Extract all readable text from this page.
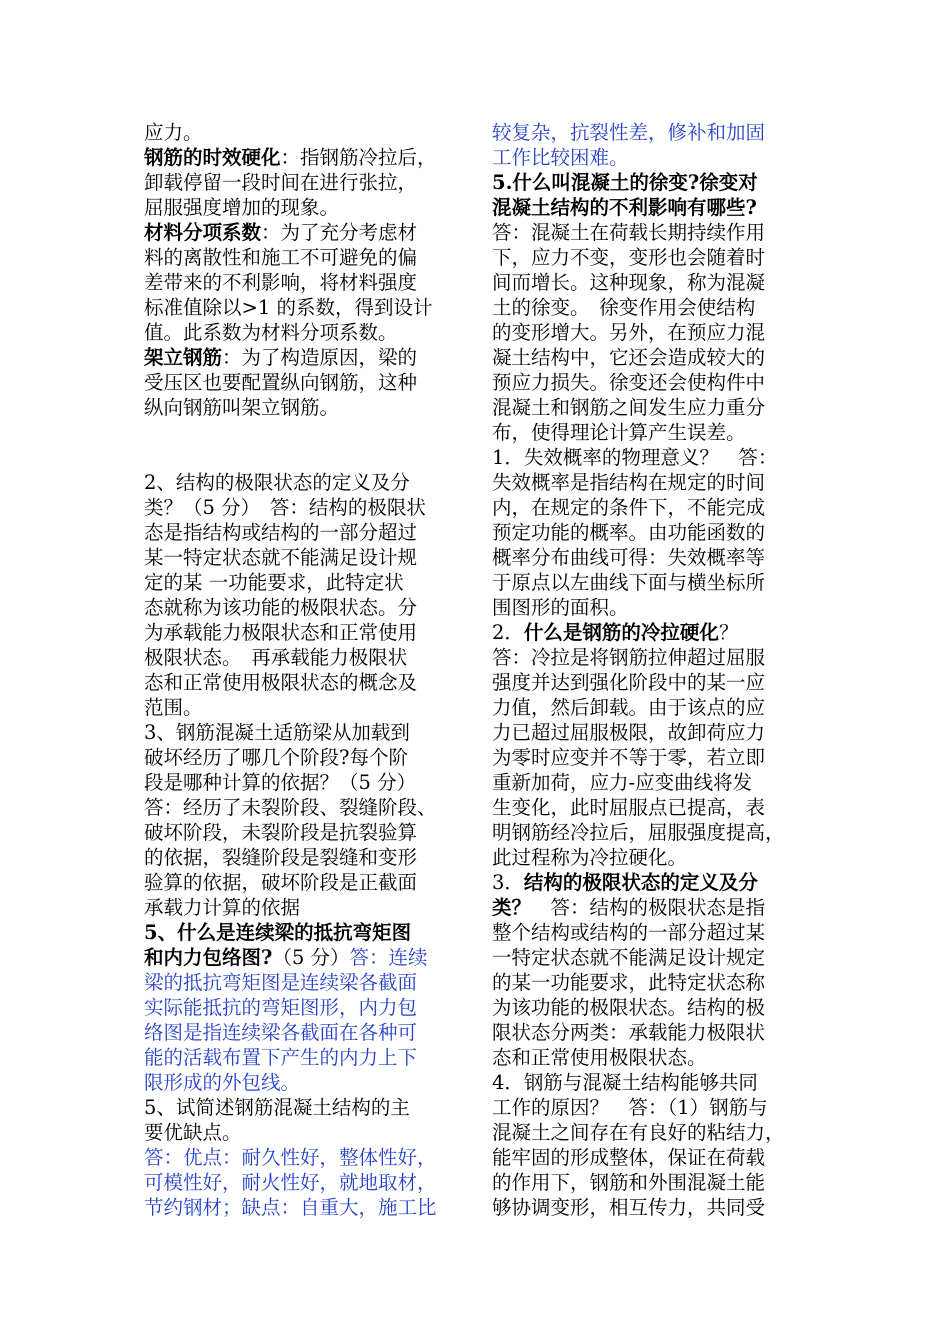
应力。
钢筋的时效硬化：指钢筋冷拉后，
卸载停留一段时间在进行张拉，
屈服强度增加的现象。
材料分项系数：为了充分考虑材
料的离散性和施工不可避免的偏
差带来的不利影响，将材料强度
标准值除以>1 的系数，得到设计
值。此系数为材料分项系数。
架立钢筋：为了构造原因，梁的
受压区也要配置纵向钢筋，这种
纵向钢筋叫架立钢筋。
2、结构的极限状态的定义及分
类？（5 分）　答：结构的极限状
态是指结构或结构的一部分超过
某一特定状态就不能满足设计规
定的某 一功能要求，此特定状
态就称为该功能的极限状态。分
为承载能力极限状态和正常使用
极限状态。　再承载能力极限状
态和正常使用极限状态的概念及
范围。
3、钢筋混凝土适筋梁从加载到
破坏经历了哪几个阶段?每个阶
段是哪种计算的依据？（5 分）
答：经历了未裂阶段、裂缝阶段、
破坏阶段，未裂阶段是抗裂验算
的依据，裂缝阶段是裂缝和变形
验算的依据，破坏阶段是正截面
承载力计算的依据
5、什么是连续梁的抵抗弯矩图
和内力包络图?（5 分）答：连续
梁的抵抗弯矩图是连续梁各截面
实际能抵抗的弯矩图形，内力包
络图是指连续梁各截面在各种可
能的活载布置下产生的内力上下
限形成的外包线。
5、试简述钢筋混凝土结构的主
要优缺点。
答：优点：耐久性好，整体性好，
可模性好，耐火性好，就地取材，
节约钢材；缺点：自重大，施工比
较复杂，抗裂性差，修补和加固
工作比较困难。
5.什么叫混凝土的徐变?徐变对
混凝土结构的不利影响有哪些?
答：混凝土在荷载长期持续作用
下，应力不变，变形也会随着时
间而增长。这种现象，称为混凝
土的徐变。　徐变作用会使结构
的变形增大。另外，在预应力混
凝土结构中，它还会造成较大的
预应力损失。徐变还会使构件中
混凝土和钢筋之间发生应力重分
布，使得理论计算产生误差。
1．失效概率的物理意义？　答：
失效概率是指结构在规定的时间
内，在规定的条件下，不能完成
预定功能的概率。由功能函数的
概率分布曲线可得：失效概率等
于原点以左曲线下面与横坐标所
围图形的面积。
2．什么是钢筋的冷拉硬化？
答：冷拉是将钢筋拉伸超过屈服
强度并达到强化阶段中的某一应
力值，然后卸载。由于该点的应
力已超过屈服极限，故卸荷应力
为零时应变并不等于零，若立即
重新加荷，应力-应变曲线将发
生变化，此时屈服点已提高，表
明钢筋经冷拉后，屈服强度提高，
此过程称为冷拉硬化。
3．结构的极限状态的定义及分
类？　答：结构的极限状态是指
整个结构或结构的一部分超过某
一特定状态就不能满足设计规定
的某一功能要求，此特定状态称
为该功能的极限状态。结构的极
限状态分两类：承载能力极限状
态和正常使用极限状态。
4．钢筋与混凝土结构能够共同
工作的原因？　答：（1）钢筋与
混凝土之间存在有良好的粘结力，
能牢固的形成整体，保证在荷载
的作用下，钢筋和外围混凝土能
够协调变形，相互传力，共同受
